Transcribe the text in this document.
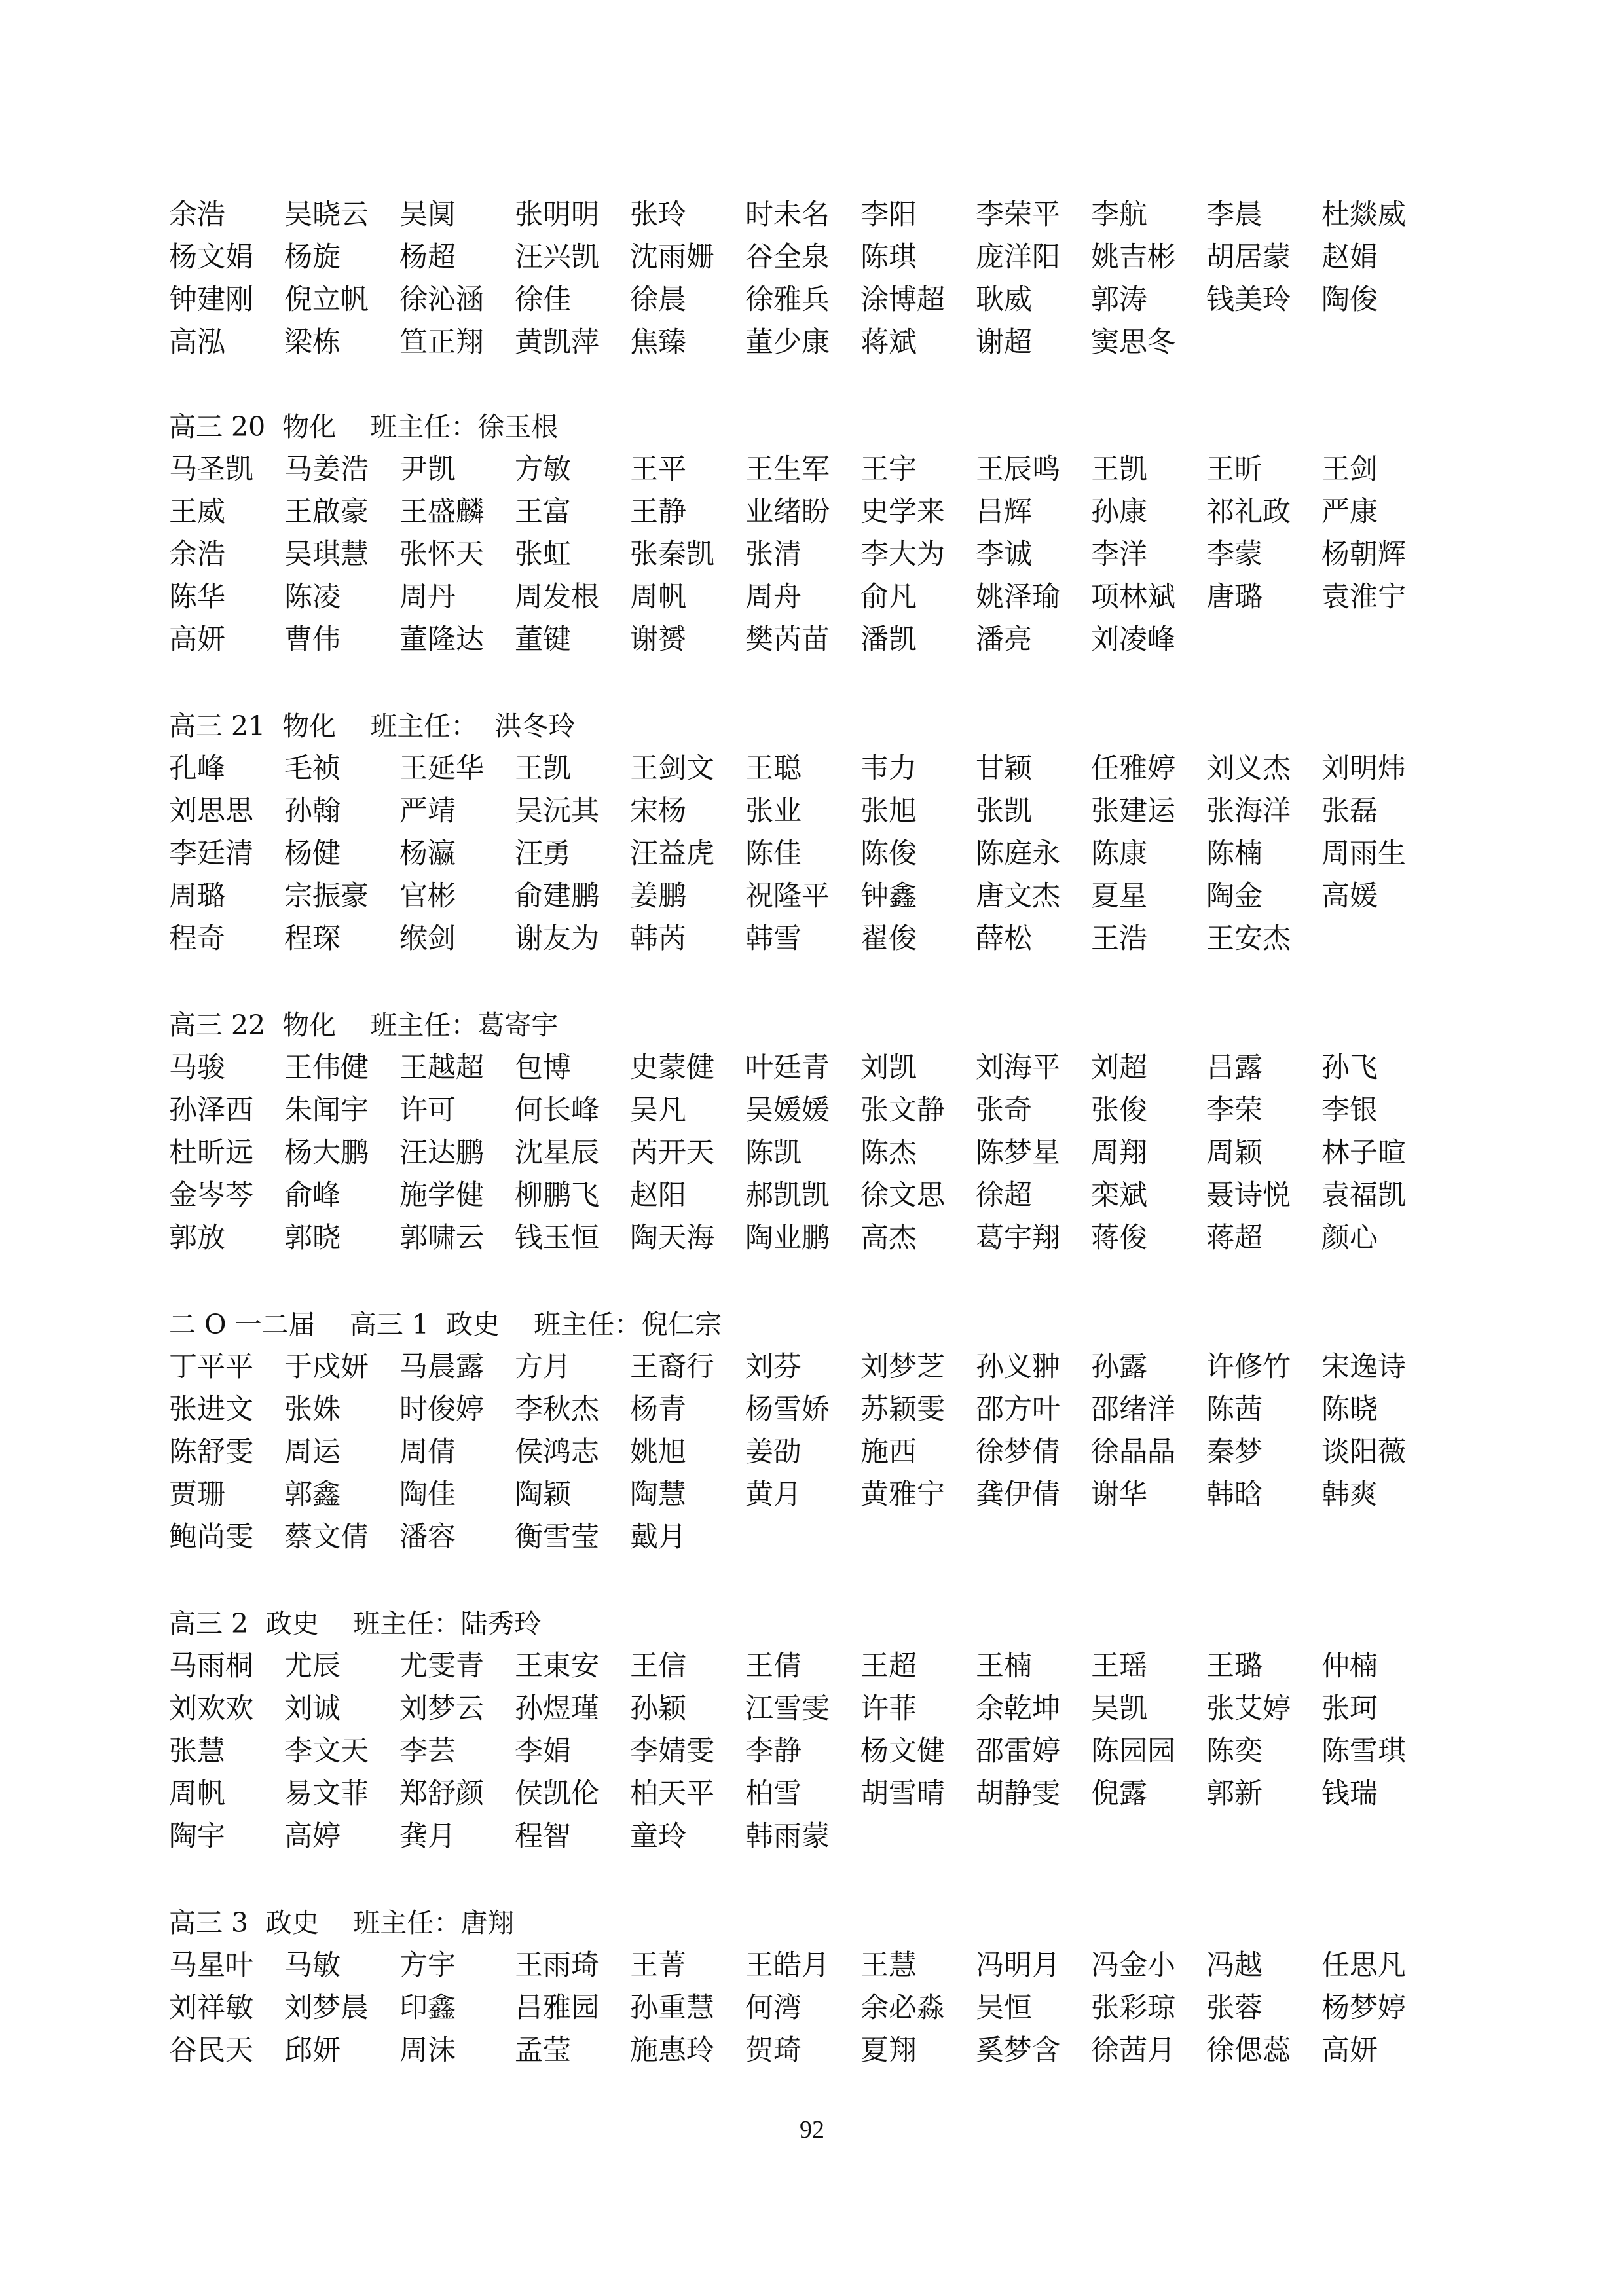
余浩 吴晓云 吴阒 张明明 张玲 时未名 李阳 李荣平 李航 李晨 杜燚威
杨文娟 杨旋 杨超 汪兴凯 沈雨姗 谷全泉 陈琪 庞洋阳 姚吉彬 胡居蒙 赵娟
钟建刚 倪立帆 徐沁涵 徐佳 徐晨 徐雅兵 涂博超 耿威 郭涛 钱美玲 陶俊
高泓 梁栋 笪正翔 黄凯萍 焦臻 董少康 蒋斌 谢超 窦思冬
高三 20  物化    班主任：徐玉根
马圣凯 马姜浩 尹凯 方敏 王平 王生军 王宇 王辰鸣 王凯 王昕 王剑
王威 王啟豪 王盛麟 王富 王静 业绪盼 史学来 吕辉 孙康 祁礼政 严康
余浩 吴琪慧 张怀天 张虹 张秦凯 张清 李大为 李诚 李洋 李蒙 杨朝辉
陈华 陈凌 周丹 周发根 周帆 周舟 俞凡 姚泽瑜 项林斌 唐璐 袁淮宁
高妍 曹伟 董隆达 董键 谢赟 樊芮苗 潘凯 潘亮 刘凌峰
高三 21  物化    班主任：  洪冬玲
孔峰 毛祯 王延华 王凯 王剑文 王聪 韦力 甘颖 任雅婷 刘义杰 刘明炜
刘思思 孙翰 严靖 吴沅其 宋杨 张业 张旭 张凯 张建运 张海洋 张磊
李廷清 杨健 杨瀛 汪勇 汪益虎 陈佳 陈俊 陈庭永 陈康 陈楠 周雨生
周璐 宗振豪 官彬 俞建鹏 姜鹏 祝隆平 钟鑫 唐文杰 夏星 陶金 高媛
程奇 程琛 缑剑 谢友为 韩芮 韩雪 翟俊 薛松 王浩 王安杰
高三 22  物化    班主任：葛寄宇
马骏 王伟健 王越超 包博 史蒙健 叶廷青 刘凯 刘海平 刘超 吕露 孙飞
孙泽西 朱闻宇 许可 何长峰 吴凡 吴媛媛 张文静 张奇 张俊 李荣 李银
杜昕远 杨大鹏 汪达鹏 沈星辰 芮开天 陈凯 陈杰 陈梦星 周翔 周颖 林子暄
金岑芩 俞峰 施学健 柳鹏飞 赵阳 郝凯凯 徐文思 徐超 栾斌 聂诗悦 袁福凯
郭放 郭晓 郭啸云 钱玉恒 陶天海 陶业鹏 高杰 葛宇翔 蒋俊 蒋超 颜心
二 O 一二届    高三 1  政史    班主任：倪仁宗
丁平平 于戍妍 马晨露 方月 王裔行 刘芬 刘梦芝 孙义翀 孙露 许修竹 宋逸诗
张进文 张姝 时俊婷 李秋杰 杨青 杨雪娇 苏颖雯 邵方叶 邵绪洋 陈茜 陈晓
陈舒雯 周运 周倩 侯鸿志 姚旭 姜劭 施西 徐梦倩 徐晶晶 秦梦 谈阳薇
贾珊 郭鑫 陶佳 陶颖 陶慧 黄月 黄雅宁 龚伊倩 谢华 韩晗 韩爽
鲍尚雯 蔡文倩 潘容 衡雪莹 戴月
高三 2  政史    班主任：陆秀玲
马雨桐 尤辰 尤雯青 王東安 王信 王倩 王超 王楠 王瑶 王璐 仲楠
刘欢欢 刘诚 刘梦云 孙煜瑾 孙颖 江雪雯 许菲 余乾坤 吴凯 张艾婷 张珂
张慧 李文天 李芸 李娟 李婧雯 李静 杨文健 邵雷婷 陈园园 陈奕 陈雪琪
周帆 易文菲 郑舒颜 侯凯伦 柏天平 柏雪 胡雪晴 胡静雯 倪露 郭新 钱瑞
陶宇 高婷 龚月 程智 童玲 韩雨蒙
高三 3  政史    班主任：唐翔
马星叶 马敏 方宇 王雨琦 王菁 王皓月 王慧 冯明月 冯金小 冯越 任思凡
刘祥敏 刘梦晨 印鑫 吕雅园 孙重慧 何湾 余必淼 吴恒 张彩琼 张蓉 杨梦婷
谷民天 邱妍 周沫 孟莹 施惠玲 贺琦 夏翔 奚梦含 徐茜月 徐偲蕊 高妍
92
